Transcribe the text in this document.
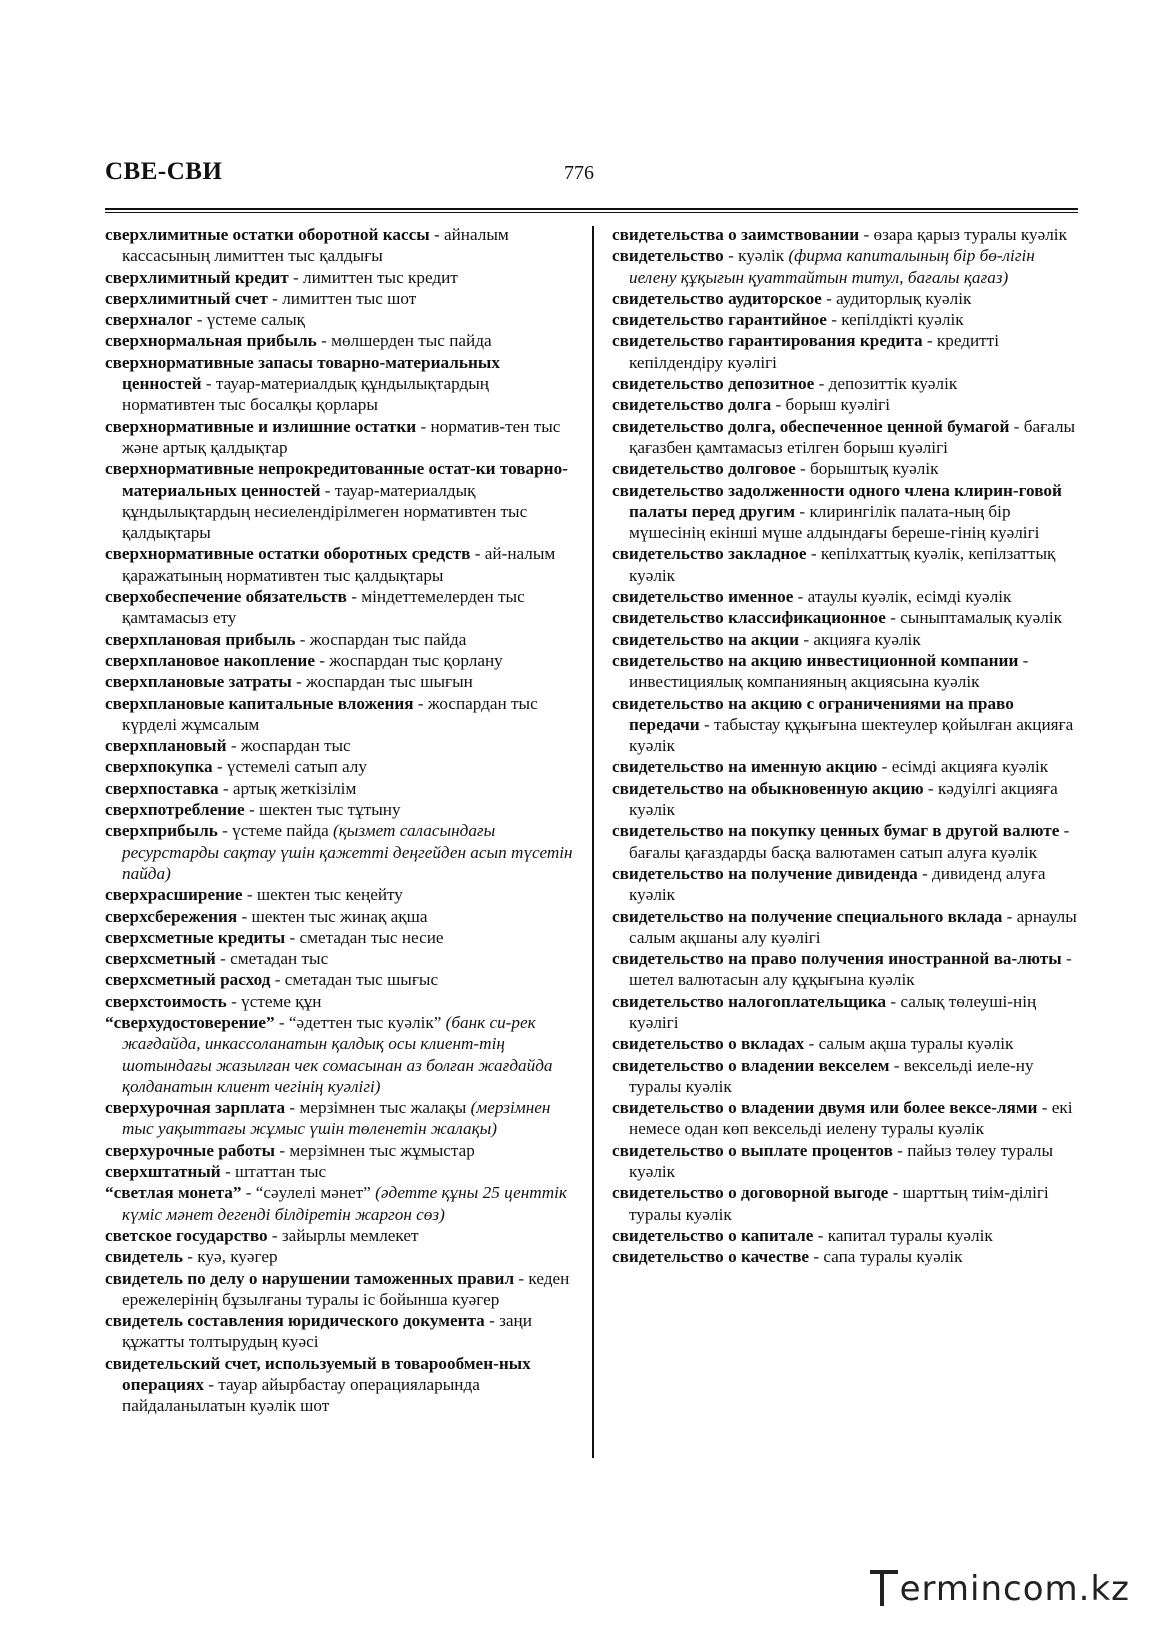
СВЕ-СВИ	776
сверхлимитные остатки оборотной кассы - айналым кассасының лимиттен тыс қалдығы
сверхлимитный кредит - лимиттен тыс кредит
сверхлимитный счет - лимиттен тыс шот
сверхналог - үстеме салық
сверхнормальная прибыль - мөлшерден тыс пайда
сверхнормативные запасы товарно-материальных ценностей - тауар-материалдық құндылықтардың нормативтен тыс босалқы қорлары
сверхнормативные и излишние остатки - норматив-тен тыс және артық қалдықтар
сверхнормативные непрокредитованные остат-ки товарно-материальных ценностей - тауар-материалдық құндылықтардың несиелендірілмеген нормативтен тыс қалдықтары
сверхнормативные остатки оборотных средств - ай-налым қаражатының нормативтен тыс қалдықтары
сверхобеспечение обязательств - міндеттемелерден тыс қамтамасыз ету
сверхплановая прибыль - жоспардан тыс пайда
сверхплановое накопление - жоспардан тыс қорлану
сверхплановые затраты - жоспардан тыс шығын
сверхплановые капитальные вложения - жоспардан тыс күрделі жұмсалым
сверхплановый - жоспардан тыс
сверхпокупка - үстемелі сатып алу
сверхпоставка - артық жеткізілім
сверхпотребление - шектен тыс тұтыну
сверхприбыль - үстеме пайда (қызмет саласындағы ресурстарды сақтау үшін қажетті деңгейден асып түсетін пайда)
сверхрасширение - шектен тыс кеңейту
сверхсбережения - шектен тыс жинақ ақша
сверхсметные кредиты - сметадан тыс несие
сверхсметный - сметадан тыс
сверхсметный расход - сметадан тыс шығыс
сверхстоимость - үстеме құн
“сверхудостоверение” - “әдеттен тыс куәлік” (банк си-рек жағдайда, инкассоланатын қалдық осы клиент-тің шотындағы жазылған чек сомасынан аз болған жағдайда қолданатын клиент чегінің куәлігі)
сверхурочная зарплата - мерзімнен тыс жалақы (мерзімнен тыс уақыттағы жұмыс үшін төленетін жалақы)
сверхурочные работы - мерзімнен тыс жұмыстар
сверхштатный - штаттан тыс
“светлая монета” - “сәулелі мәнет” (әдетте құны 25 центтік күміс мәнет дегенді білдіретін жаргон сөз)
светское государство - зайырлы мемлекет
свидетель - куә, куәгер
свидетель по делу о нарушении таможенных правил - кеден ережелерінің бұзылғаны туралы іс бойынша куәгер
свидетель составления юридического документа - заңи құжатты толтырудың куәсі
свидетельский счет, используемый в товарообмен-ных операциях - тауар айырбастау операцияларында пайдаланылатын куәлік шот
свидетельства о заимствовании - өзара қарыз туралы куәлік
свидетельство - куәлік (фирма капиталының бір бө-лігін иелену құқығын қуаттайтын титул, бағалы қағаз)
свидетельство аудиторское - аудиторлық куәлік
свидетельство гарантийное - кепілдікті куәлік
свидетельство гарантирования кредита - кредитті кепілдендіру куәлігі
свидетельство депозитное - депозиттік куәлік
свидетельство долга - борыш куәлігі
свидетельство долга, обеспеченное ценной бумагой - бағалы қағазбен қамтамасыз етілген борыш куәлігі
свидетельство долговое - борыштық куәлік
свидетельство задолженности одного члена клирин-говой палаты перед другим - клирингілік палата-ның бір мүшесінің екінші мүше алдындағы береше-гінің куәлігі
свидетельство закладное - кепілхаттық куәлік, кепілзаттық куәлік
свидетельство именное - атаулы куәлік, есімді куәлік
свидетельство классификационное - сыныптамалық куәлік
свидетельство на акции - акцияға куәлік
свидетельство на акцию инвестиционной компании - инвестициялық компанияның акциясына куәлік
свидетельство на акцию с ограничениями на право передачи - табыстау құқығына шектеулер қойылған акцияға куәлік
свидетельство на именную акцию - есімді акцияға куәлік
свидетельство на обыкновенную акцию - кәдуілгі акцияға куәлік
свидетельство на покупку ценных бумаг в другой валюте - бағалы қағаздарды басқа валютамен сатып алуға куәлік
свидетельство на получение дивиденда - дивиденд алуға куәлік
свидетельство на получение специального вклада - арнаулы салым ақшаны алу куәлігі
свидетельство на право получения иностранной ва-люты - шетел валютасын алу құқығына куәлік
свидетельство налогоплательщика - салық төлеуші-нің куәлігі
свидетельство о вкладах - салым ақша туралы куәлік
свидетельство о владении векселем - вексельді иеле-ну туралы куәлік
свидетельство о владении двумя или более вексе-лями - екі немесе одан көп вексельді иелену туралы куәлік
свидетельство о выплате процентов - пайыз төлеу туралы куәлік
свидетельство о договорной выгоде - шарттың тиім-ділігі туралы куәлік
свидетельство о капитале - капитал туралы куәлік
свидетельство о качестве - сапа туралы куәлік
ermincom.kz
